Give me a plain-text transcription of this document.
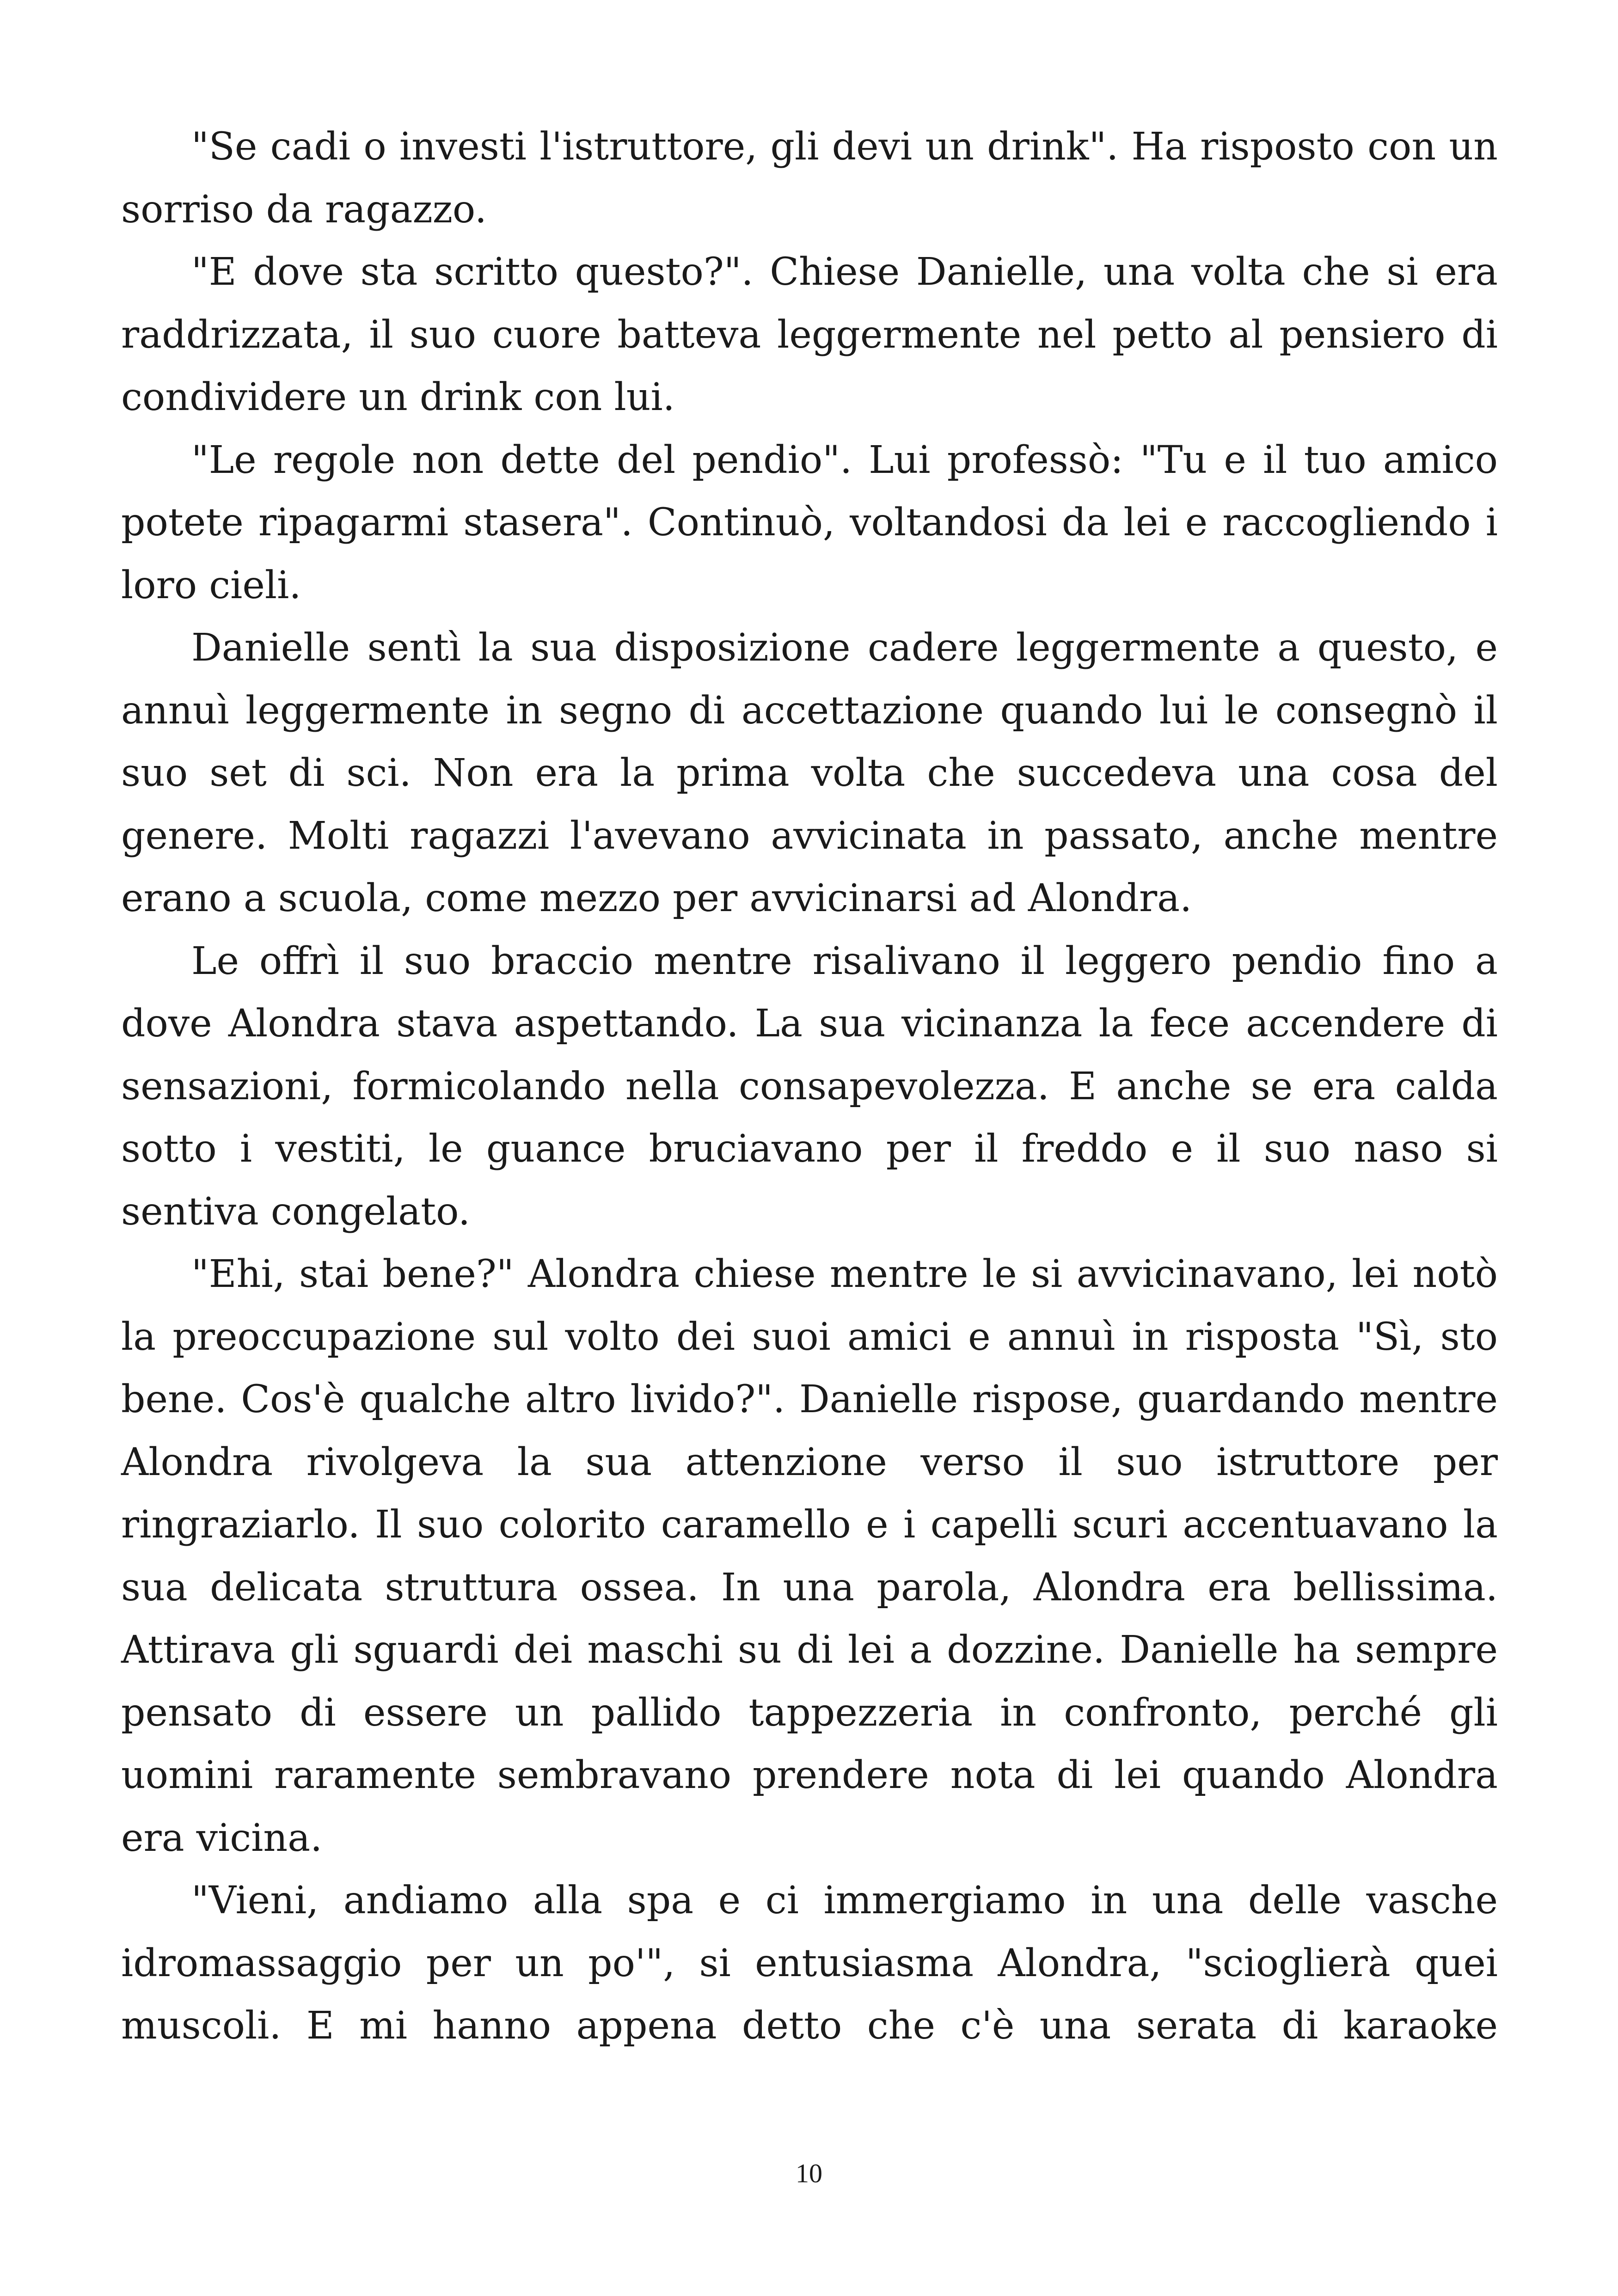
"Se cadi o investi l'istruttore, gli devi un drink". Ha risposto con un sorriso da ragazzo.

"E dove sta scritto questo?". Chiese Danielle, una volta che si era raddrizzata, il suo cuore batteva leggermente nel petto al pensiero di condividere un drink con lui.

"Le regole non dette del pendio". Lui professò: "Tu e il tuo amico potete ripagarmi stasera". Continuò, voltandosi da lei e raccogliendo i loro cieli.

Danielle sentì la sua disposizione cadere leggermente a questo, e annuì leggermente in segno di accettazione quando lui le consegnò il suo set di sci. Non era la prima volta che succedeva una cosa del genere. Molti ragazzi l'avevano avvicinata in passato, anche mentre erano a scuola, come mezzo per avvicinarsi ad Alondra.

Le offrì il suo braccio mentre risalivano il leggero pendio fino a dove Alondra stava aspettando. La sua vicinanza la fece accendere di sensazioni, formicolando nella consapevolezza. E anche se era calda sotto i vestiti, le guance bruciavano per il freddo e il suo naso si sentiva congelato.

"Ehi, stai bene?" Alondra chiese mentre le si avvicinavano, lei notò la preoccupazione sul volto dei suoi amici e annuì in risposta "Sì, sto bene. Cos'è qualche altro livido?". Danielle rispose, guardando mentre Alondra rivolgeva la sua attenzione verso il suo istruttore per ringraziarlo. Il suo colorito caramello e i capelli scuri accentuavano la sua delicata struttura ossea. In una parola, Alondra era bellissima. Attirava gli sguardi dei maschi su di lei a dozzine. Danielle ha sempre pensato di essere un pallido tappezzeria in confronto, perché gli uomini raramente sembravano prendere nota di lei quando Alondra era vicina.

"Vieni, andiamo alla spa e ci immergiamo in una delle vasche idromassaggio per un po'", si entusiasma Alondra, "scioglierà quei muscoli. E mi hanno appena detto che c'è una serata di karaoke

10
